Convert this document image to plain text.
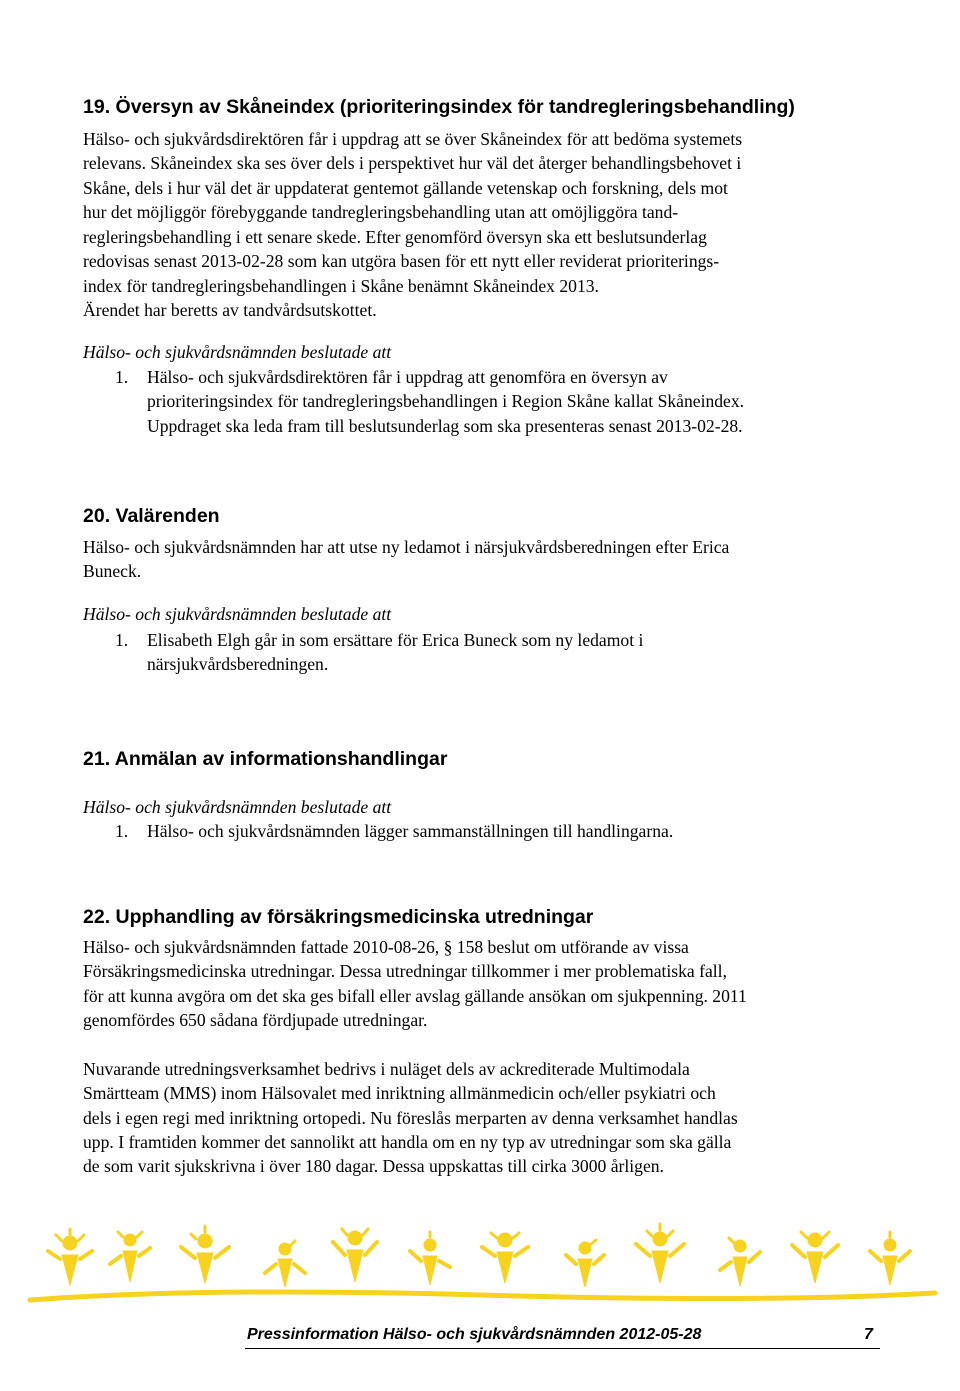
19. Översyn av Skåneindex (prioriteringsindex för tandregleringsbehandling)
Hälso- och sjukvårdsdirektören får i uppdrag att se över Skåneindex för att bedöma systemets
relevans. Skåneindex ska ses över dels i perspektivet hur väl det återger behandlingsbehovet i
Skåne, dels i hur väl det är uppdaterat gentemot gällande vetenskap och forskning, dels mot
hur det möjliggör förebyggande tandregleringsbehandling utan att omöjliggöra tand-
regleringsbehandling i ett senare skede. Efter genomförd översyn ska ett beslutsunderlag
redovisas senast 2013-02-28 som kan utgöra basen för ett nytt eller reviderat prioriterings-
index för tandregleringsbehandlingen i Skåne benämnt Skåneindex 2013.
Ärendet har beretts av tandvårdsutskottet.
Hälso- och sjukvårdsnämnden beslutade att
1. Hälso- och sjukvårdsdirektören får i uppdrag att genomföra en översyn av
prioriteringsindex för tandregleringsbehandlingen i Region Skåne kallat Skåneindex.
Uppdraget ska leda fram till beslutsunderlag som ska presenteras senast 2013-02-28.
20. Valärenden
Hälso- och sjukvårdsnämnden har att utse ny ledamot i närsjukvårdsberedningen efter Erica
Buneck.
Hälso- och sjukvårdsnämnden beslutade att
1. Elisabeth Elgh går in som ersättare för Erica Buneck som ny ledamot i
närsjukvårdsberedningen.
21. Anmälan av informationshandlingar
Hälso- och sjukvårdsnämnden beslutade att
1. Hälso- och sjukvårdsnämnden lägger sammanställningen till handlingarna.
22. Upphandling av försäkringsmedicinska utredningar
Hälso- och sjukvårdsnämnden fattade 2010-08-26, § 158 beslut om utförande av vissa
Försäkringsmedicinska utredningar. Dessa utredningar tillkommer i mer problematiska fall,
för att kunna avgöra om det ska ges bifall eller avslag gällande ansökan om sjukpenning. 2011
genomfördes 650 sådana fördjupade utredningar.
Nuvarande utredningsverksamhet bedrivs i nuläget dels av ackrediterade Multimodala
Smärtteam (MMS) inom Hälsovalet med inriktning allmänmedicin och/eller psykiatri och
dels i egen regi med inriktning ortopedi. Nu föreslås merparten av denna verksamhet handlas
upp. I framtiden kommer det sannolikt att handla om en ny typ av utredningar som ska gälla
de som varit sjukskrivna i över 180 dagar. Dessa uppskattas till cirka 3000 årligen.
Pressinformation Hälso- och sjukvårdsnämnden 2012-05-28	7
